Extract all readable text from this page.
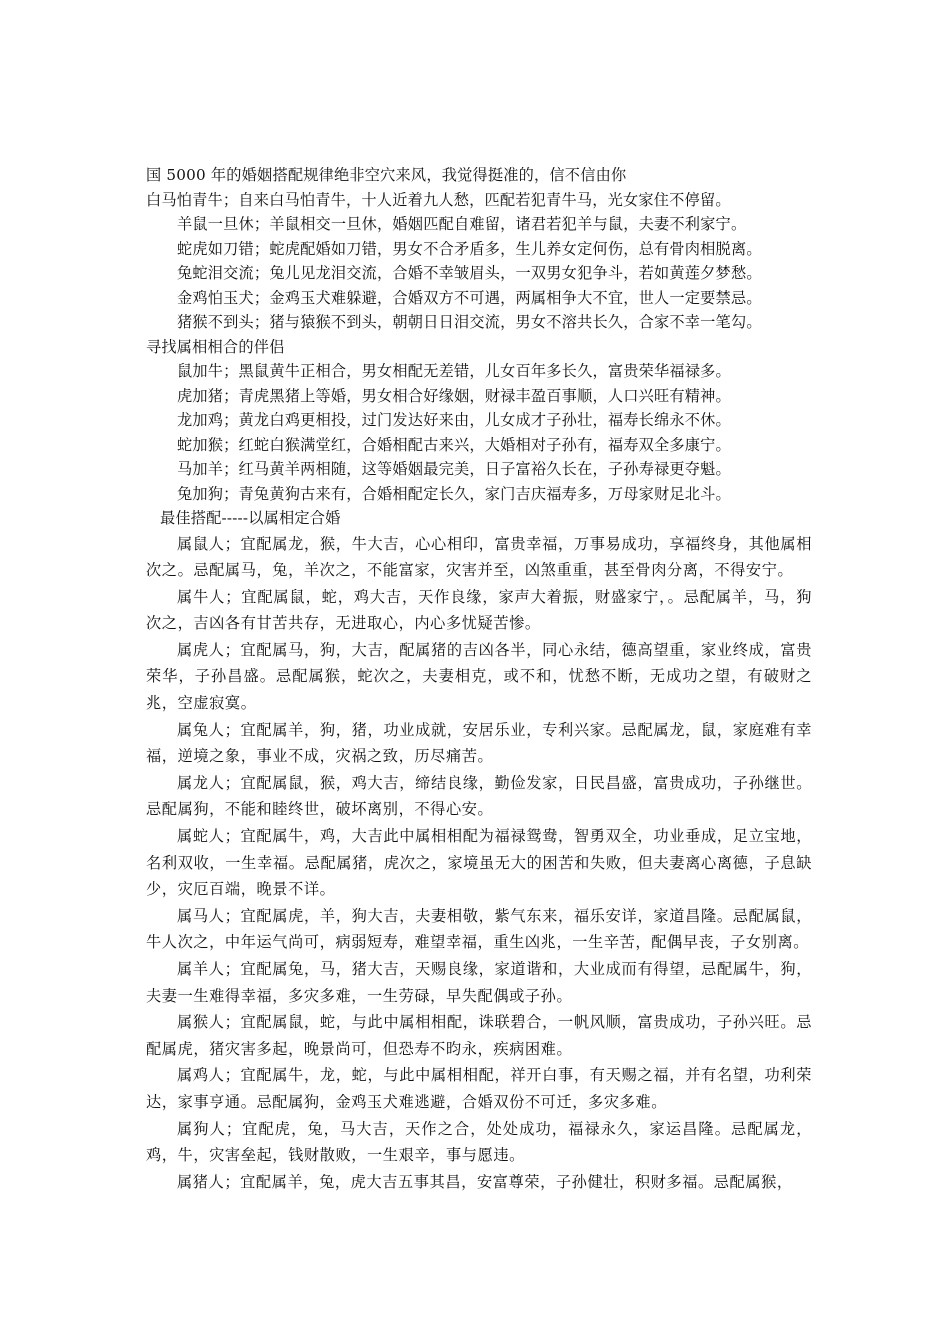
国 5000 年的婚姻搭配规律绝非空穴来风，我觉得挺准的，信不信由你
白马怕青牛；自来白马怕青牛，十人近着九人愁，匹配若犯青牛马，光女家住不停留。
羊鼠一旦休；羊鼠相交一旦休，婚姻匹配自难留，诸君若犯羊与鼠，夫妻不利家宁。
蛇虎如刀错；蛇虎配婚如刀错，男女不合矛盾多，生儿养女定何伤，总有骨肉相脱离。
兔蛇泪交流；兔儿见龙泪交流，合婚不幸皱眉头，一双男女犯争斗，若如黄莲夕梦愁。
金鸡怕玉犬；金鸡玉犬难躲避，合婚双方不可遇，两属相争大不宜，世人一定要禁忌。
猪猴不到头；猪与猿猴不到头，朝朝日日泪交流，男女不溶共长久，合家不幸一笔勾。
寻找属相相合的伴侣
鼠加牛；黑鼠黄牛正相合，男女相配无差错，儿女百年多长久，富贵荣华福禄多。
虎加猪；青虎黑猪上等婚，男女相合好缘姻，财禄丰盈百事顺，人口兴旺有精神。
龙加鸡；黄龙白鸡更相投，过门发达好来由，儿女成才子孙壮，福寿长绵永不休。
蛇加猴；红蛇白猴满堂红，合婚相配古来兴，大婚相对子孙有，福寿双全多康宁。
马加羊；红马黄羊两相随，这等婚姻最完美，日子富裕久长在，子孙寿禄更夺魁。
兔加狗；青兔黄狗古来有，合婚相配定长久，家门吉庆福寿多，万母家财足北斗。
最佳搭配-----以属相定合婚
属鼠人；宜配属龙，猴，牛大吉，心心相印，富贵幸福，万事易成功，享福终身，其他属相次之。忌配属马，兔，羊次之，不能富家，灾害并至，凶煞重重，甚至骨肉分离，不得安宁。
属牛人；宜配属鼠，蛇，鸡大吉，天作良缘，家声大着振，财盛家宁，。忌配属羊，马，狗次之，吉凶各有甘苦共存，无进取心，内心多忧疑苦惨。
属虎人；宜配属马，狗，大吉，配属猪的吉凶各半，同心永结，德高望重，家业终成，富贵荣华，子孙昌盛。忌配属猴，蛇次之，夫妻相克，或不和，忧愁不断，无成功之望，有破财之兆，空虚寂寞。
属兔人；宜配属羊，狗，猪，功业成就，安居乐业，专利兴家。忌配属龙，鼠，家庭难有幸福，逆境之象，事业不成，灾祸之致，历尽痛苦。
属龙人；宜配属鼠，猴，鸡大吉，缔结良缘，勤俭发家，日民昌盛，富贵成功，子孙继世。忌配属狗，不能和睦终世，破坏离别，不得心安。
属蛇人；宜配属牛，鸡，大吉此中属相相配为福禄鸳鸯，智勇双全，功业垂成，足立宝地，名利双收，一生幸福。忌配属猪，虎次之，家境虽无大的困苦和失败，但夫妻离心离德，子息缺少，灾厄百端，晚景不详。
属马人；宜配属虎，羊，狗大吉，夫妻相敬，紫气东来，福乐安详，家道昌隆。忌配属鼠，牛人次之，中年运气尚可，病弱短寿，难望幸福，重生凶兆，一生辛苦，配偶早丧，子女别离。
属羊人；宜配属兔，马，猪大吉，天赐良缘，家道谐和，大业成而有得望，忌配属牛，狗，夫妻一生难得幸福，多灾多难，一生劳碌，早失配偶或子孙。
属猴人；宜配属鼠，蛇，与此中属相相配，诛联碧合，一帆风顺，富贵成功，子孙兴旺。忌配属虎，猪灾害多起，晚景尚可，但恐寿不昀永，疾病困难。
属鸡人；宜配属牛，龙，蛇，与此中属相相配，祥开白事，有天赐之福，并有名望，功利荣达，家事亨通。忌配属狗，金鸡玉犬难逃避，合婚双份不可迁，多灾多难。
属狗人；宜配虎，兔，马大吉，天作之合，处处成功，福禄永久，家运昌隆。忌配属龙，鸡，牛，灾害垒起，钱财散败，一生艰辛，事与愿违。
属猪人；宜配属羊，兔，虎大吉五事其昌，安富尊荣，子孙健壮，积财多福。忌配属猴，
